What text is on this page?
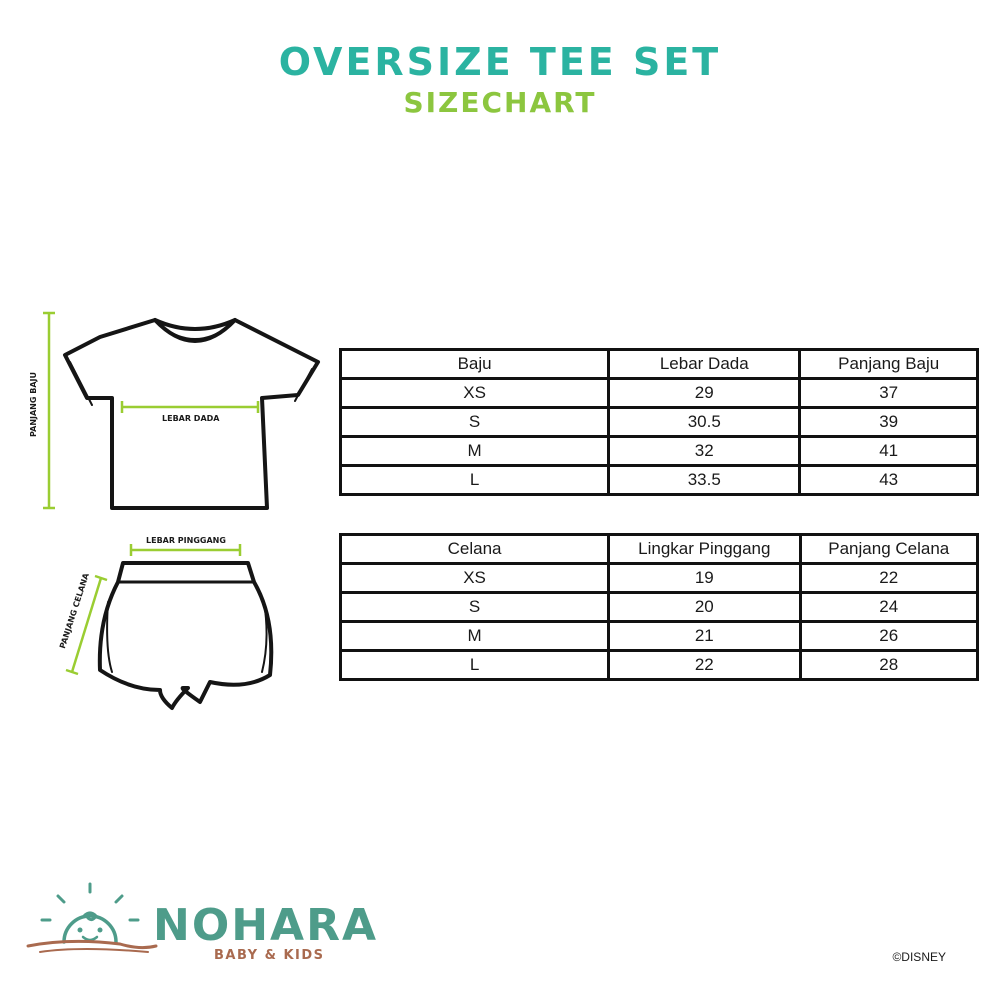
OVERSIZE TEE SET
SIZECHART
LEBAR DADA
PANJANG BAJU
LEBAR PINGGANG
PANJANG CELANA
Baju	Lebar Dada	Panjang Baju
XS	29	37
S	30.5	39
M	32	41
L	33.5	43
Celana	Lingkar Pinggang	Panjang Celana
XS	19	22
S	20	24
M	21	26
L	22	28
NOHARA
BABY & KIDS	©DISNEY
